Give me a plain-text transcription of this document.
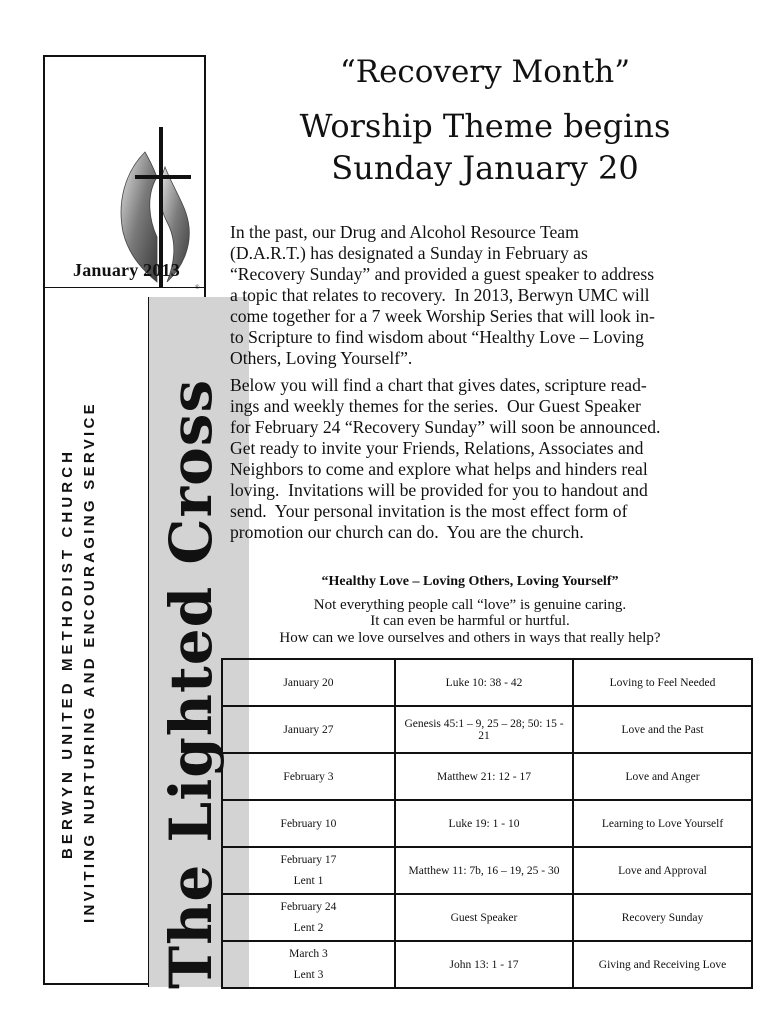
®
January 2013
BERWYN UNITED METHODIST CHURCH INVITING NURTURING AND ENCOURAGING SERVICE The Lighted Cross
“Recovery Month”
Worship Theme begins
Sunday January 20

In the past, our Drug and Alcohol Resource Team
(D.A.R.T.) has designated a Sunday in February as
“Recovery Sunday” and provided a guest speaker to address
a topic that relates to recovery.  In 2013, Berwyn UMC will
come together for a 7 week Worship Series that will look in-
to Scripture to find wisdom about “Healthy Love – Loving
Others, Loving Yourself”.

Below you will find a chart that gives dates, scripture read-
ings and weekly themes for the series.  Our Guest Speaker
for February 24 “Recovery Sunday” will soon be announced.
Get ready to invite your Friends, Relations, Associates and
Neighbors to come and explore what helps and hinders real
loving.  Invitations will be provided for you to handout and
send.  Your personal invitation is the most effect form of
promotion our church can do.  You are the church.

“Healthy Love – Loving Others, Loving Yourself”
Not everything people call “love” is genuine caring.
It can even be harmful or hurtful.
How can we love ourselves and others in ways that really help?
January 20	Luke 10: 38 - 42	Loving to Feel Needed
January 27	Genesis 45:1 – 9, 25 – 28; 50: 15 - 21	Love and the Past
February 3	Matthew 21: 12 - 17	Love and Anger
February 10	Luke 19: 1 - 10	Learning to Love Yourself
February 17
Lent 1	Matthew 11: 7b, 16 – 19, 25 - 30	Love and Approval
February 24
Lent 2	Guest Speaker	Recovery Sunday
March 3
Lent 3	John 13: 1 - 17	Giving and Receiving Love
